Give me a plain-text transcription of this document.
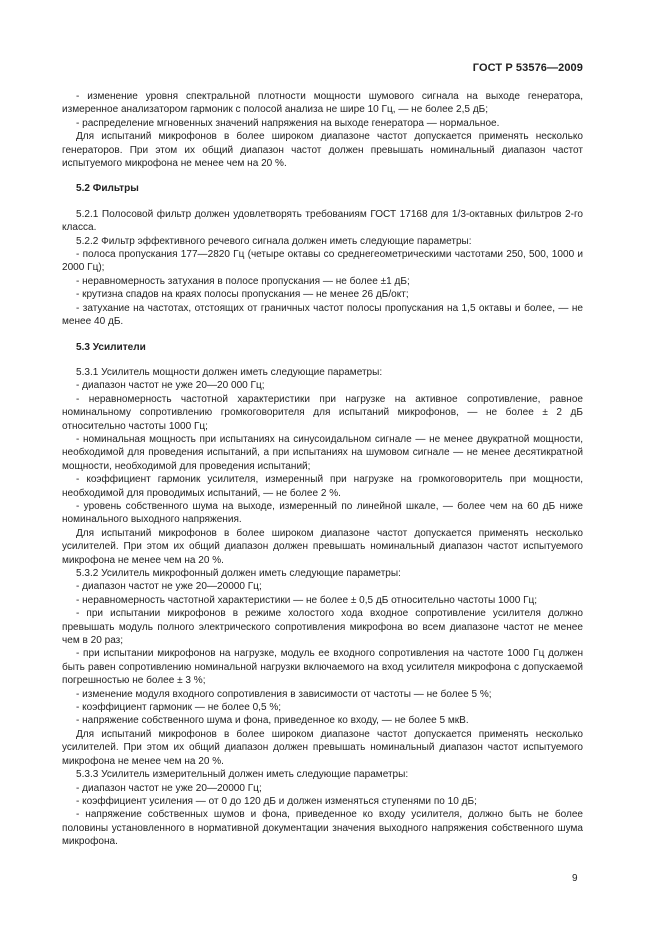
ГОСТ Р 53576—2009

- изменение уровня спектральной плотности мощности шумового сигнала на выходе генератора, измеренное анализатором гармоник с полосой анализа не шире 10 Гц, — не более 2,5 дБ;

- распределение мгновенных значений напряжения на выходе генератора — нормальное.

Для испытаний микрофонов в более широком диапазоне частот допускается применять несколько генераторов. При этом их общий диапазон частот должен превышать номинальный диапазон частот испытуемого микрофона не менее чем на 20 %.

5.2 Фильтры

5.2.1 Полосовой фильтр должен удовлетворять требованиям ГОСТ 17168 для 1/3-октавных фильтров 2-го класса.

5.2.2 Фильтр эффективного речевого сигнала должен иметь следующие параметры:

- полоса пропускания 177—2820 Гц (четыре октавы со среднегеометрическими частотами 250, 500, 1000 и 2000 Гц);

- неравномерность затухания в полосе пропускания — не более ±1 дБ;

- крутизна спадов на краях полосы пропускания — не менее 26 дБ/окт;

- затухание на частотах, отстоящих от граничных частот полосы пропускания на 1,5 октавы и более, — не менее 40 дБ.

5.3 Усилители

5.3.1 Усилитель мощности должен иметь следующие параметры:

- диапазон частот не уже 20—20 000 Гц;

- неравномерность частотной характеристики при нагрузке на активное сопротивление, равное номинальному сопротивлению громкоговорителя для испытаний микрофонов, — не более ± 2 дБ относительно частоты 1000 Гц;

- номинальная мощность при испытаниях на синусоидальном сигнале — не менее двукратной мощности, необходимой для проведения испытаний, а при испытаниях на шумовом сигнале — не менее десятикратной мощности, необходимой для проведения испытаний;

- коэффициент гармоник усилителя, измеренный при нагрузке на громкоговоритель при мощности, необходимой для проводимых испытаний, — не более 2 %.

- уровень собственного шума на выходе, измеренный по линейной шкале, — более чем на 60 дБ ниже номинального выходного напряжения.

Для испытаний микрофонов в более широком диапазоне частот допускается применять несколько усилителей. При этом их общий диапазон должен превышать номинальный диапазон частот испытуемого микрофона не менее чем на 20 %.

5.3.2 Усилитель микрофонный должен иметь следующие параметры:

- диапазон частот не уже 20—20000 Гц;

- неравномерность частотной характеристики — не более ± 0,5 дБ относительно частоты 1000 Гц;

- при испытании микрофонов в режиме холостого хода входное сопротивление усилителя должно превышать модуль полного электрического сопротивления микрофона во всем диапазоне частот не менее чем в 20 раз;

- при испытании микрофонов на нагрузке, модуль ее входного сопротивления на частоте 1000 Гц должен быть равен сопротивлению номинальной нагрузки включаемого на вход усилителя микрофона с допускаемой погрешностью не более ± 3 %;

- изменение модуля входного сопротивления в зависимости от частоты — не более 5 %;

- коэффициент гармоник — не более 0,5 %;

- напряжение собственного шума и фона, приведенное ко входу, — не более 5 мкВ.

Для испытаний микрофонов в более широком диапазоне частот допускается применять несколько усилителей. При этом их общий диапазон должен превышать номинальный диапазон частот испытуемого микрофона не менее чем на 20 %.

5.3.3 Усилитель измерительный должен иметь следующие параметры:

- диапазон частот не уже 20—20000 Гц;

- коэффициент усиления — от 0 до 120 дБ и должен изменяться ступенями по 10 дБ;

- напряжение собственных шумов и фона, приведенное ко входу усилителя, должно быть не более половины установленного в нормативной документации значения выходного напряжения собственного шума микрофона.

9
